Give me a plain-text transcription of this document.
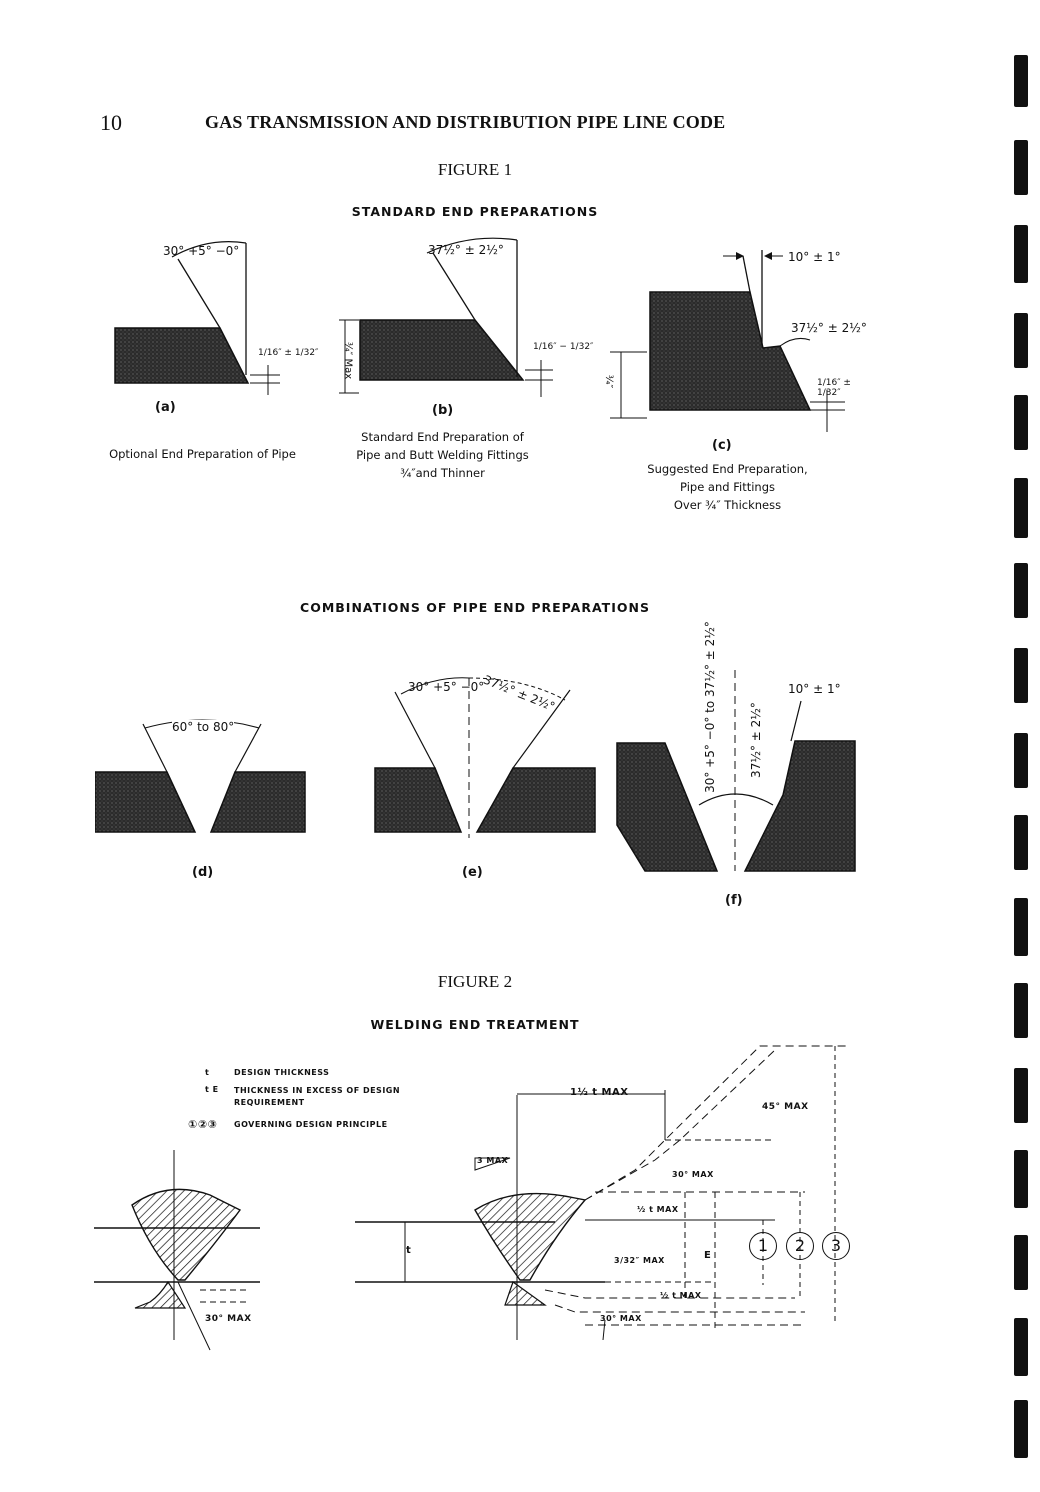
10	GAS TRANSMISSION AND DISTRIBUTION PIPE LINE CODE
FIGURE 1
STANDARD END PREPARATIONS
30° +5° −0°
1/16″ ± 1/32″
(a)
Optional End Preparation of Pipe
37½° ± 2½°
¾″ Max	1/16″ − 1/32″
(b)
Standard End Preparation of
Pipe and Butt Welding Fittings
¾″and Thinner
10° ± 1°
37½° ± 2½°
1/16″ ± 1/32″
¾″
(c)
Suggested End Preparation,
Pipe and Fittings
Over ¾″ Thickness
COMBINATIONS OF PIPE END PREPARATIONS
60° to 80°
(d)
30° +5° −0°
37½° ± 2½°
(e)
10° ± 1°
30° +5° −0° to 37½° ± 2½°	37½° ± 2½°
(f)
FIGURE 2
WELDING END TREATMENT
t	DESIGN THICKNESS
t E THICKNESS IN EXCESS OF DESIGN REQUIREMENT
①②③ GOVERNING DESIGN PRINCIPLE
30° MAX
1½ t MAX
45° MAX
3 MAX
30° MAX
½ t MAX
3/32″ MAX
½ t MAX
30° MAX
E
t	1	2	3
